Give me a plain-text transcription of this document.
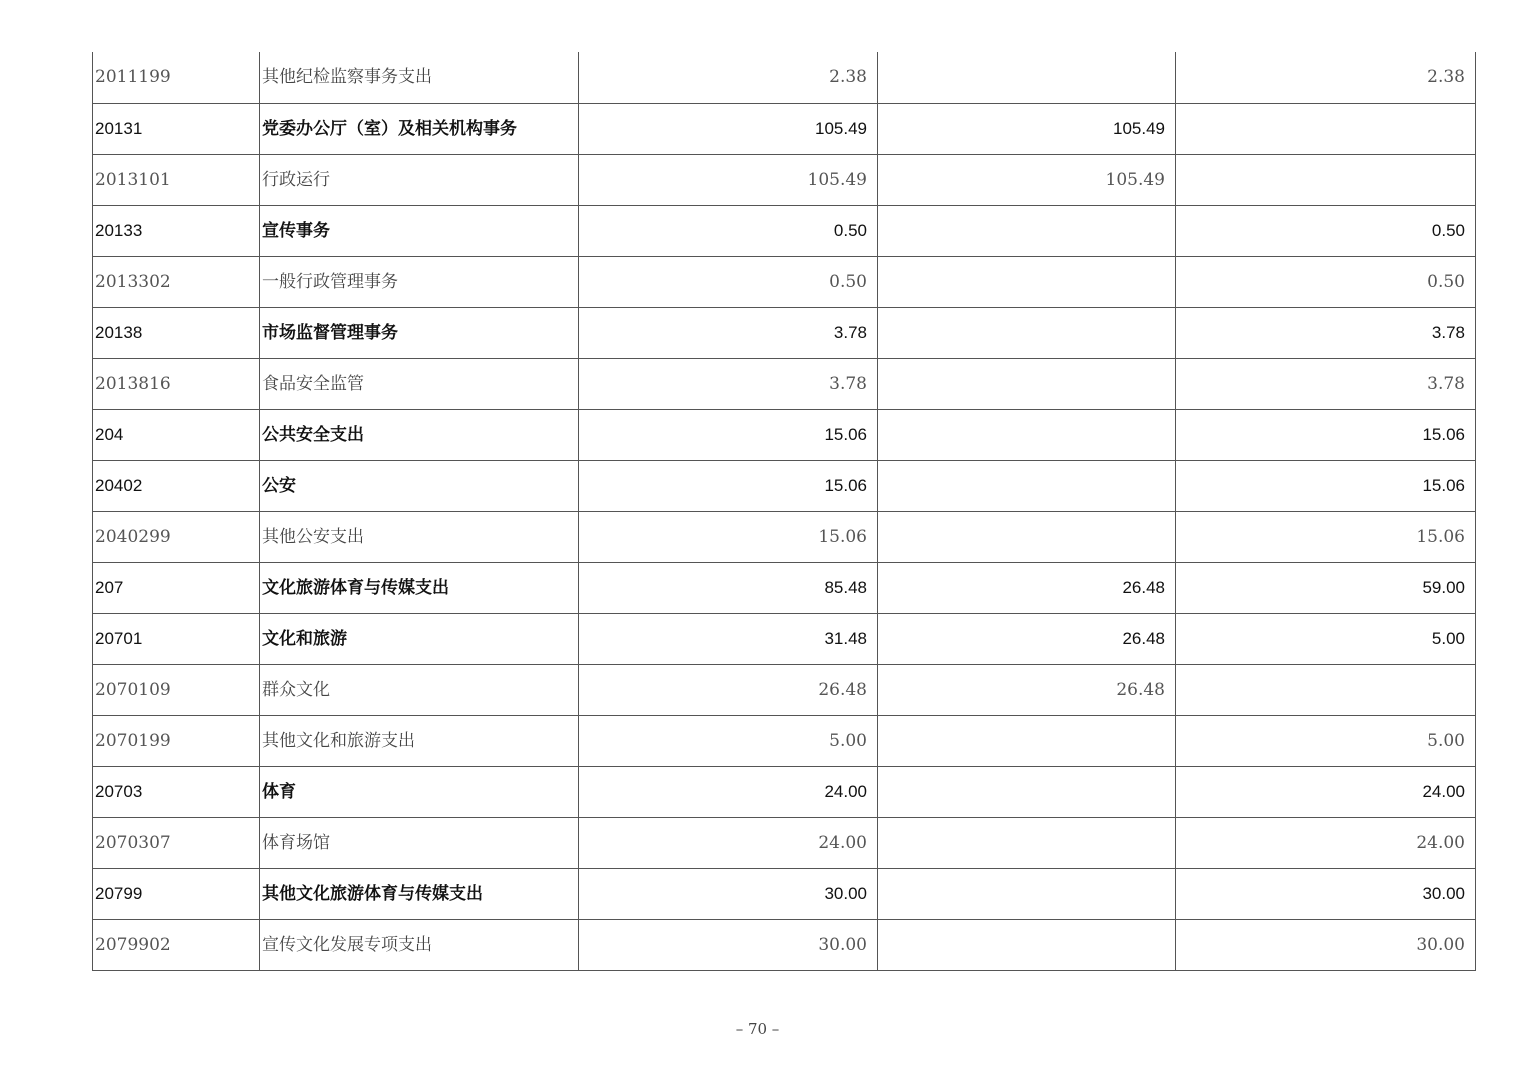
2011199	其他纪检监察事务支出	2.38		2.38
20131	党委办公厅（室）及相关机构事务	105.49	105.49	
2013101	行政运行	105.49	105.49	
20133	宣传事务	0.50		0.50
2013302	一般行政管理事务	0.50		0.50
20138	市场监督管理事务	3.78		3.78
2013816	食品安全监管	3.78		3.78
204	公共安全支出	15.06		15.06
20402	公安	15.06		15.06
2040299	其他公安支出	15.06		15.06
207	文化旅游体育与传媒支出	85.48	26.48	59.00
20701	文化和旅游	31.48	26.48	5.00
2070109	群众文化	26.48	26.48	
2070199	其他文化和旅游支出	5.00		5.00
20703	体育	24.00		24.00
2070307	体育场馆	24.00		24.00
20799	其他文化旅游体育与传媒支出	30.00		30.00
2079902	宣传文化发展专项支出	30.00		30.00
– 70 –
